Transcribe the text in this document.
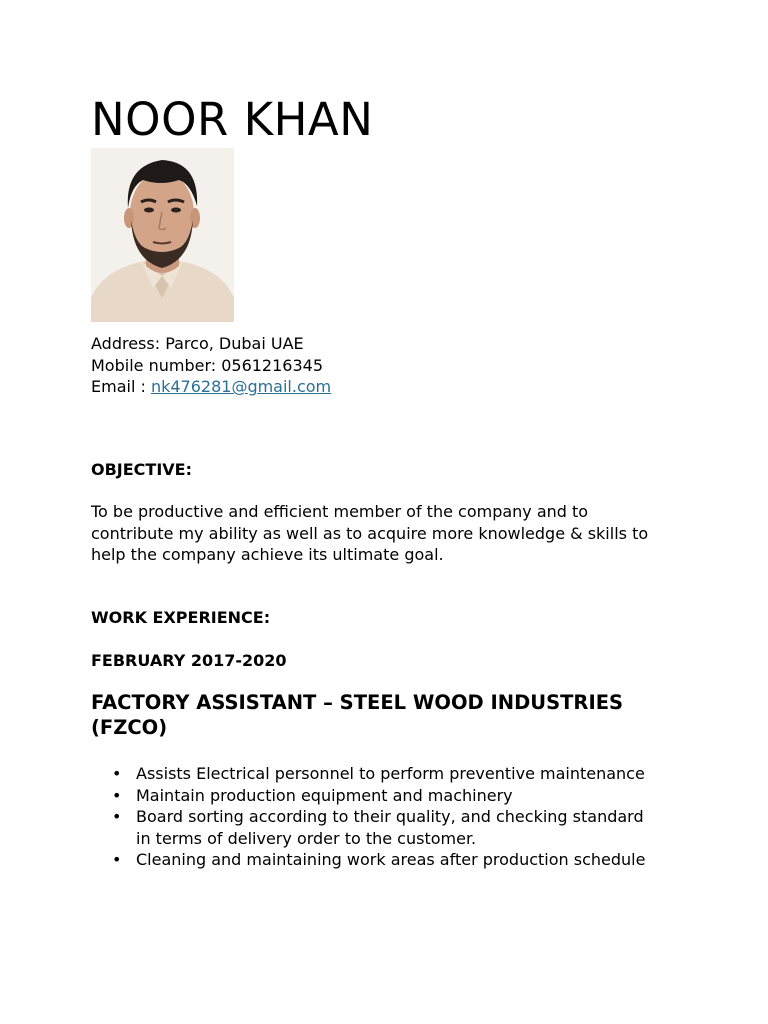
NOOR KHAN
Address: Parco, Dubai UAE
Mobile number: 0561216345
Email : nk476281@gmail.com
OBJECTIVE:
To be productive and efficient member of the company and to contribute my ability as well as to acquire more knowledge & skills to help the company achieve its ultimate goal.
WORK EXPERIENCE:
FEBRUARY 2017-2020
FACTORY ASSISTANT – STEEL WOOD INDUSTRIES (FZCO)
• Assists Electrical personnel to perform preventive maintenance
• Maintain production equipment and machinery
• Board sorting according to their quality, and checking standard in terms of delivery order to the customer.
• Cleaning and maintaining work areas after production schedule
